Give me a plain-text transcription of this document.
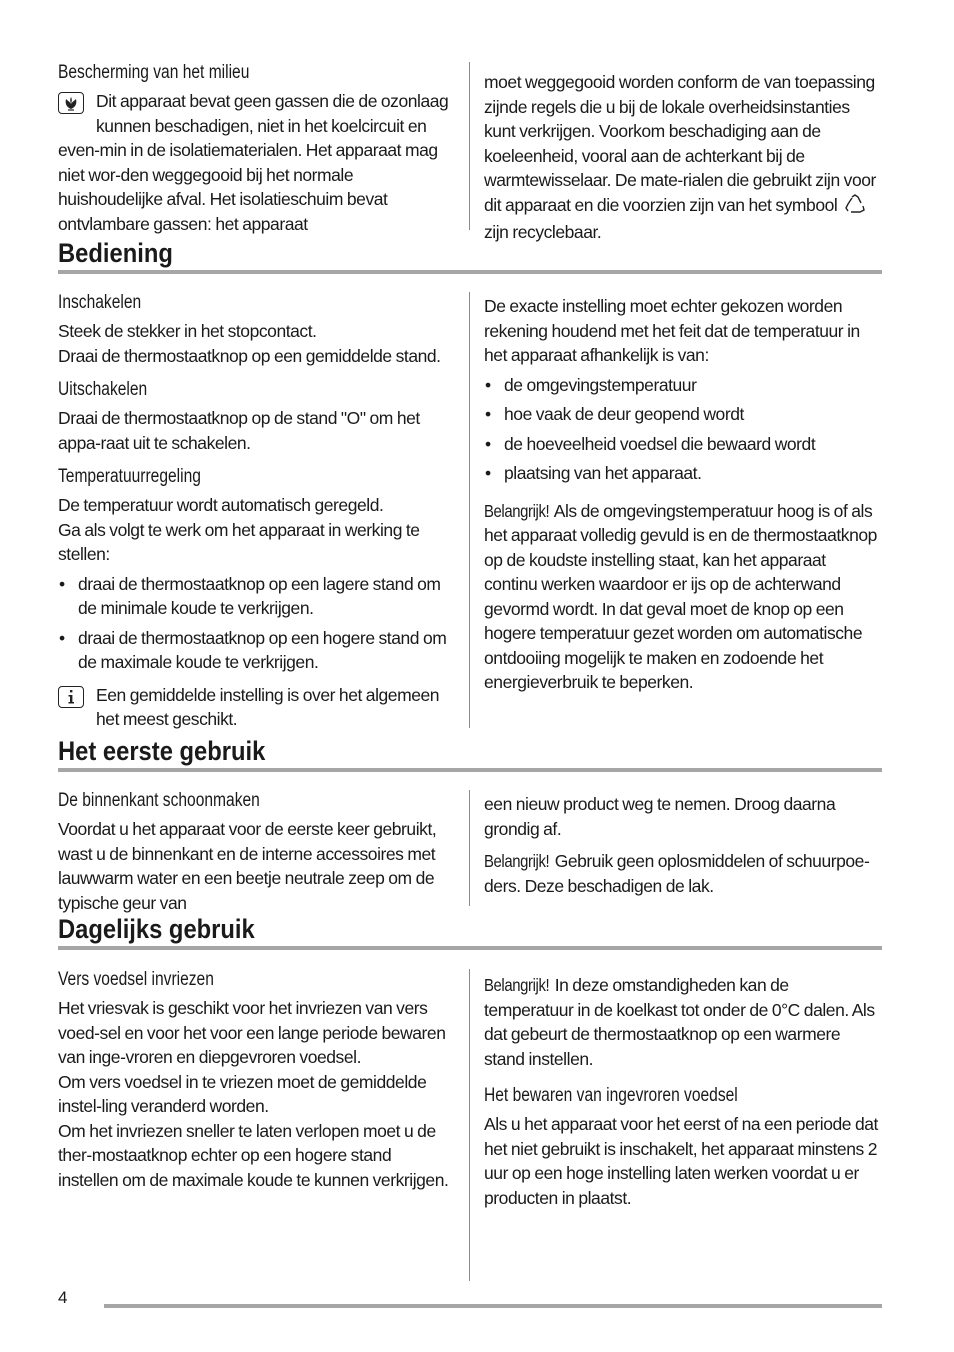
Bescherming van het milieu
Dit apparaat bevat geen gassen die de ozonlaag kunnen beschadigen, niet in het koelcircuit en even-min in de isolatiematerialen. Het apparaat mag niet wor-den weggegooid bij het normale huishoudelijke afval. Het isolatieschuim bevat ontvlambare gassen: het apparaat
moet weggegooid worden conform de van toepassing zijnde regels die u bij de lokale overheidsinstanties kunt verkrijgen. Voorkom beschadiging aan de koeleenheid, vooral aan de achterkant bij de warmtewisselaar. De mate-rialen die gebruikt zijn voor dit apparaat en die voorzien zijn van het symbool  zijn recyclebaar.
Bediening
Inschakelen
Steek de stekker in het stopcontact.
Draai de thermostaatknop op een gemiddelde stand.
Uitschakelen
Draai de thermostaatknop op de stand "O" om het appa-raat uit te schakelen.
Temperatuurregeling
De temperatuur wordt automatisch geregeld.
Ga als volgt te werk om het apparaat in werking te stellen:
• draai de thermostaatknop op een lagere stand om de minimale koude te verkrijgen.
• draai de thermostaatknop op een hogere stand om de maximale koude te verkrijgen.
Een gemiddelde instelling is over het algemeen het meest geschikt.
De exacte instelling moet echter gekozen worden rekening houdend met het feit dat de temperatuur in het apparaat afhankelijk is van:
• de omgevingstemperatuur
• hoe vaak de deur geopend wordt
• de hoeveelheid voedsel die bewaard wordt
• plaatsing van het apparaat.
Belangrijk! Als de omgevingstemperatuur hoog is of als het apparaat volledig gevuld is en de thermostaatknop op de koudste instelling staat, kan het apparaat continu werken waardoor er ijs op de achterwand gevormd wordt. In dat geval moet de knop op een hogere temperatuur gezet worden om automatische ontdooiing mogelijk te maken en zodoende het energieverbruik te beperken.
Het eerste gebruik
De binnenkant schoonmaken
Voordat u het apparaat voor de eerste keer gebruikt, wast u de binnenkant en de interne accessoires met lauwwarm water en een beetje neutrale zeep om de typische geur van
een nieuw product weg te nemen. Droog daarna grondig af.
Belangrijk! Gebruik geen oplosmiddelen of schuurpoe-ders. Deze beschadigen de lak.
Dagelijks gebruik
Vers voedsel invriezen
Het vriesvak is geschikt voor het invriezen van vers voed-sel en voor het voor een lange periode bewaren van inge-vroren en diepgevroren voedsel.
Om vers voedsel in te vriezen moet de gemiddelde instel-ling veranderd worden.
Om het invriezen sneller te laten verlopen moet u de ther-mostaatknop echter op een hogere stand instellen om de maximale koude te kunnen verkrijgen.
Belangrijk! In deze omstandigheden kan de temperatuur in de koelkast tot onder de 0°C dalen. Als dat gebeurt de thermostaatknop op een warmere stand instellen.
Het bewaren van ingevroren voedsel
Als u het apparaat voor het eerst of na een periode dat het niet gebruikt is inschakelt, het apparaat minstens 2 uur op een hoge instelling laten werken voordat u er producten in plaatst.
4
